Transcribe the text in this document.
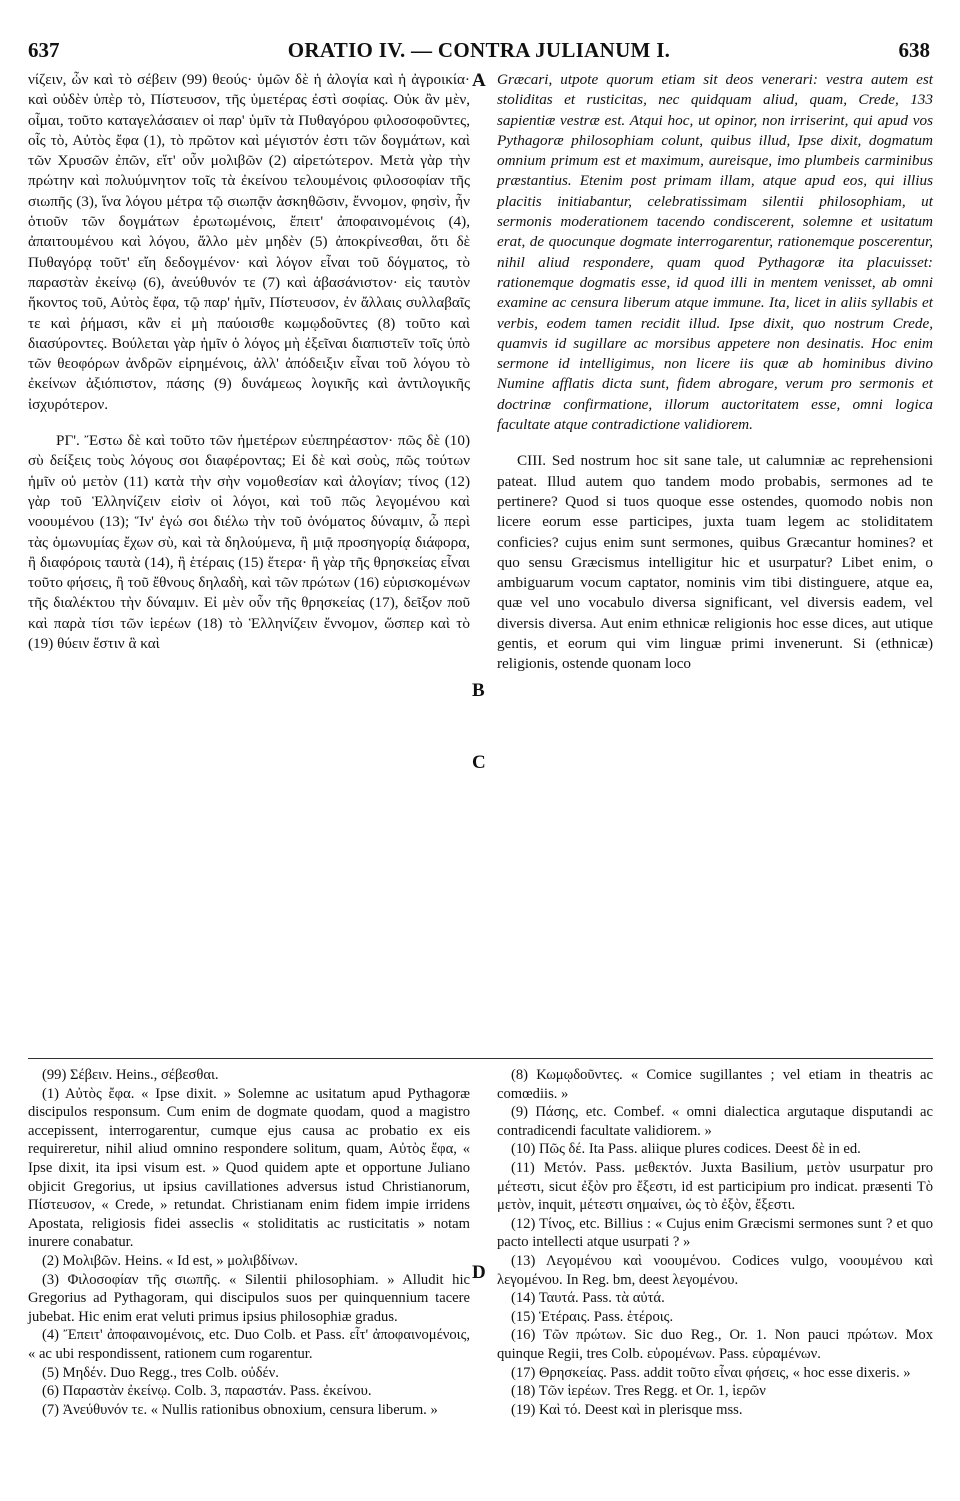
637	ORATIO IV. — CONTRA JULIANUM I.	638

νίζειν, ὧν καὶ τὸ σέβειν (99) θεούς· ὑμῶν δὲ ἡ ἀλογία καὶ ἡ ἀγροικία· καὶ οὐδὲν ὑπὲρ τὸ, Πίστευσον, τῆς ὑμετέρας ἐστὶ σοφίας. Οὐκ ἂν μὲν, οἶμαι, τοῦτο καταγελάσαιεν οἱ παρ' ὑμῖν τὰ Πυθαγόρου φιλοσοφοῦντες, οἷς τὸ, Αὐτὸς ἔφα (1), τὸ πρῶτον καὶ μέγιστόν ἐστι τῶν δογμάτων, καὶ τῶν Χρυσῶν ἐπῶν, εἴτ' οὖν μολιβῶν (2) αἱρετώτερον. Μετὰ γὰρ τὴν πρώτην καὶ πολυύμνητον τοῖς τὰ ἐκείνου τελουμένοις φιλοσοφίαν τῆς σιωπῆς (3), ἵνα λόγου μέτρα τῷ σιωπᾷν ἀσκηθῶσιν, ἔννομον, φησὶν, ἦν ὁτιοῦν τῶν δογμάτων ἐρωτωμένοις, ἔπειτ' ἀποφαινομένοις (4), ἀπαιτουμένου καὶ λόγου, ἄλλο μὲν μηδὲν (5) ἀποκρίνεσθαι, ὅτι δὲ Πυθαγόρᾳ τοῦτ' εἴη δεδογμένον· καὶ λόγον εἶναι τοῦ δόγματος, τὸ παραστὰν ἐκείνῳ (6), ἀνεύθυνόν τε (7) καὶ ἀβασάνιστον· εἰς ταυτὸν ἥκοντος τοῦ, Αὐτὸς ἔφα, τῷ παρ' ἡμῖν, Πίστευσον, ἐν ἄλλαις συλλαβαῖς τε καὶ ῥήμασι, κἂν εἰ μὴ παύοισθε κωμῳδοῦντες (8) τοῦτο καὶ διασύροντες. Βούλεται γὰρ ἡμῖν ὁ λόγος μὴ ἐξεῖναι διαπιστεῖν τοῖς ὑπὸ τῶν θεοφόρων ἀνδρῶν εἰρημένοις, ἀλλ' ἀπόδειξιν εἶναι τοῦ λόγου τὸ ἐκείνων ἀξιόπιστον, πάσης (9) δυνάμεως λογικῆς καὶ ἀντιλογικῆς ἰσχυρότερον.

ΡΓ'. Ἔστω δὲ καὶ τοῦτο τῶν ἡμετέρων εὐεπηρέαστον· πῶς δὲ (10) σὺ δείξεις τοὺς λόγους σοι διαφέροντας; Εἰ δὲ καὶ σοὺς, πῶς τούτων ἡμῖν οὐ μετὸν (11) κατὰ τὴν σὴν νομοθεσίαν καὶ ἀλογίαν; τίνος (12) γὰρ τοῦ Ἑλληνίζειν εἰσὶν οἱ λόγοι, καὶ τοῦ πῶς λεγομένου καὶ νοουμένου (13); Ἵν' ἐγώ σοι διέλω τὴν τοῦ ὀνόματος δύναμιν, ὦ περὶ τὰς ὁμωνυμίας ἔχων σὺ, καὶ τὰ δηλούμενα, ἢ μιᾷ προσηγορίᾳ διάφορα, ἢ διαφόροις ταυτὰ (14), ἢ ἑτέραις (15) ἕτερα· ἢ γὰρ τῆς θρησκείας εἶναι τοῦτο φήσεις, ἢ τοῦ ἔθνους δηλαδὴ, καὶ τῶν πρώτων (16) εὑρισκομένων τῆς διαλέκτου τὴν δύναμιν. Εἰ μὲν οὖν τῆς θρησκείας (17), δεῖξον ποῦ καὶ παρὰ τίσι τῶν ἱερέων (18) τὸ Ἑλληνίζειν ἔννομον, ὥσπερ καὶ τὸ (19) θύειν ἔστιν ἃ καὶ

Græcari, utpote quorum etiam sit deos venerari: vestra autem est stoliditas et rusticitas, nec quidquam aliud, quam, Crede, 133 sapientiæ vestræ est. Atqui hoc, ut opinor, non irriserint, qui apud vos Pythagoræ philosophiam colunt, quibus illud, Ipse dixit, dogmatum omnium primum est et maximum, aureisque, imo plumbeis carminibus præstantius. Etenim post primam illam, atque apud eos, qui illius placitis initiabantur, celebratissimam silentii philosophiam, ut sermonis moderationem tacendo condiscerent, solemne et usitatum erat, de quocunque dogmate interrogarentur, rationemque poscerentur, nihil aliud respondere, quam quod Pythagoræ ita placuisset: rationemque dogmatis esse, id quod illi in mentem venisset, ab omni examine ac censura liberum atque immune. Ita, licet in aliis syllabis et verbis, eodem tamen recidit illud. Ipse dixit, quo nostrum Crede, quamvis id sugillare ac morsibus appetere non desinatis. Hoc enim sermone id intelligimus, non licere iis quæ ab hominibus divino Numine afflatis dicta sunt, fidem abrogare, verum pro sermonis et doctrinæ confirmatione, illorum auctoritatem esse, omni logica facultate atque contradictione validiorem.

CIII. Sed nostrum hoc sit sane tale, ut calumniæ ac reprehensioni pateat. Illud autem quo tandem modo probabis, sermones ad te pertinere? Quod si tuos quoque esse ostendes, quomodo nobis non licere eorum esse participes, juxta tuam legem ac stoliditatem conficies? cujus enim sunt sermones, quibus Græcantur homines? et quo sensu Græcismus intelligitur hic et usurpatur? Libet enim, o ambiguarum vocum captator, nominis vim tibi distinguere, atque ea, quæ vel uno vocabulo diversa significant, vel diversis eadem, vel diversis diversa. Aut enim ethnicæ religionis hoc esse dices, aut utique gentis, et eorum qui vim linguæ primi invenerunt. Si (ethnicæ) religionis, ostende quonam loco

A
B
C
D

(99) Σέβειν. Heins., σέβεσθαι.

(1) Αὐτὸς ἔφα. « Ipse dixit. » Solemne ac usitatum apud Pythagoræ discipulos responsum. Cum enim de dogmate quodam, quod a magistro accepissent, interrogarentur, cumque ejus causa ac probatio ex eis requireretur, nihil aliud omnino respondere solitum, quam, Αὐτὸς ἔφα, « Ipse dixit, ita ipsi visum est. » Quod quidem apte et opportune Juliano objicit Gregorius, ut ipsius cavillationes adversus istud Christianorum, Πίστευσον, « Crede, » retundat. Christianam enim fidem impie irridens Apostata, religiosis fidei asseclis « stoliditatis ac rusticitatis » notam inurere conabatur.

(2) Μολιβῶν. Heins. « Id est, » μολιβδίνων.

(3) Φιλοσοφίαν τῆς σιωπῆς. « Silentii philosophiam. » Alludit hic Gregorius ad Pythagoram, qui discipulos suos per quinquennium tacere jubebat. Hic enim erat veluti primus ipsius philosophiæ gradus.

(4) Ἔπειτ' ἀποφαινομένοις, etc. Duo Colb. et Pass. εἶτ' ἀποφαινομένοις, « ac ubi respondissent, rationem cum rogarentur.

(5) Μηδέν. Duo Regg., tres Colb. οὐδέν.

(6) Παραστὰν ἐκείνῳ. Colb. 3, παραστάν. Pass. ἐκείνου.

(7) Ἀνεύθυνόν τε. « Nullis rationibus obnoxium, censura liberum. »

(8) Κωμῳδοῦντες. « Comice sugillantes ; vel etiam in theatris ac comœdiis. »

(9) Πάσης, etc. Combef. « omni dialectica argutaque disputandi ac contradicendi facultate validiorem. »

(10) Πῶς δέ. Ita Pass. aliique plures codices. Deest δὲ in ed.

(11) Μετόν. Pass. μεθεκτόν. Juxta Basilium, μετὸν usurpatur pro μέτεστι, sicut ἐξὸν pro ἔξεστι, id est participium pro indicat. præsenti Τὸ μετὸν, inquit, μέτεστι σημαίνει, ὡς τὸ ἐξὸν, ἔξεστι.

(12) Τίνος, etc. Billius : « Cujus enim Græcismi sermones sunt ? et quo pacto intellecti atque usurpati ? »

(13) Λεγομένου καὶ νοουμένου. Codices vulgo, νοουμένου καὶ λεγομένου. In Reg. bm, deest λεγομένου.

(14) Ταυτά. Pass. τὰ αὐτά.

(15) Ἑτέραις. Pass. ἑτέροις.

(16) Τῶν πρώτων. Sic duo Reg., Or. 1. Non pauci πρώτων. Mox quinque Regii, tres Colb. εὑρομένων. Pass. εὑραμένων.

(17) Θρησκείας. Pass. addit τοῦτο εἶναι φήσεις, « hoc esse dixeris. »

(18) Τῶν ἱερέων. Tres Regg. et Or. 1, ἱερῶν

(19) Καὶ τό. Deest καὶ in plerisque mss.
